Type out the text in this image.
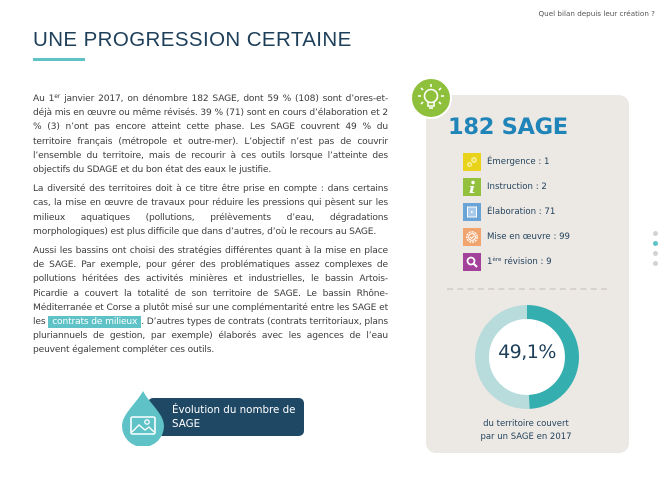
Quel bilan depuis leur création ?
UNE PROGRESSION CERTAINE

Au 1er janvier 2017, on dénombre 182 SAGE, dont 59 % (108) sont d’ores-et-déjà mis en œuvre ou même révisés. 39 % (71) sont en cours d’élaboration et 2 % (3) n’ont pas encore atteint cette phase. Les SAGE couvrent 49 % du territoire français (métropole et outre-mer). L’objectif n’est pas de couvrir l’ensemble du territoire, mais de recourir à ces outils lorsque l’atteinte des objectifs du SDAGE et du bon état des eaux le justifie.

La diversité des territoires doit à ce titre être prise en compte : dans certains cas, la mise en œuvre de travaux pour réduire les pressions qui pèsent sur les milieux aquatiques (pollutions, prélèvements d’eau, dégradations morphologiques) est plus difficile que dans d’autres, d’où le recours au SAGE.

Aussi les bassins ont choisi des stratégies différentes quant à la mise en place de SAGE. Par exemple, pour gérer des problématiques assez complexes de pollutions héritées des activités minières et industrielles, le bassin Artois-Picardie a couvert la totalité de son territoire de SAGE. Le bassin Rhône-Méditerranée et Corse a plutôt misé sur une complémentarité entre les SAGE et les contrats de milieux . D’autres types de contrats (contrats territoriaux, plans pluriannuels de gestion, par exemple) élaborés avec les agences de l’eau peuvent également compléter ces outils.

Évolution du nombre de SAGE
182 SAGE
Émergence : 1
Instruction : 2
Élaboration : 71
Mise en œuvre : 99
1ère révision : 9
49,1%
du territoire couvert
par un SAGE en 2017
